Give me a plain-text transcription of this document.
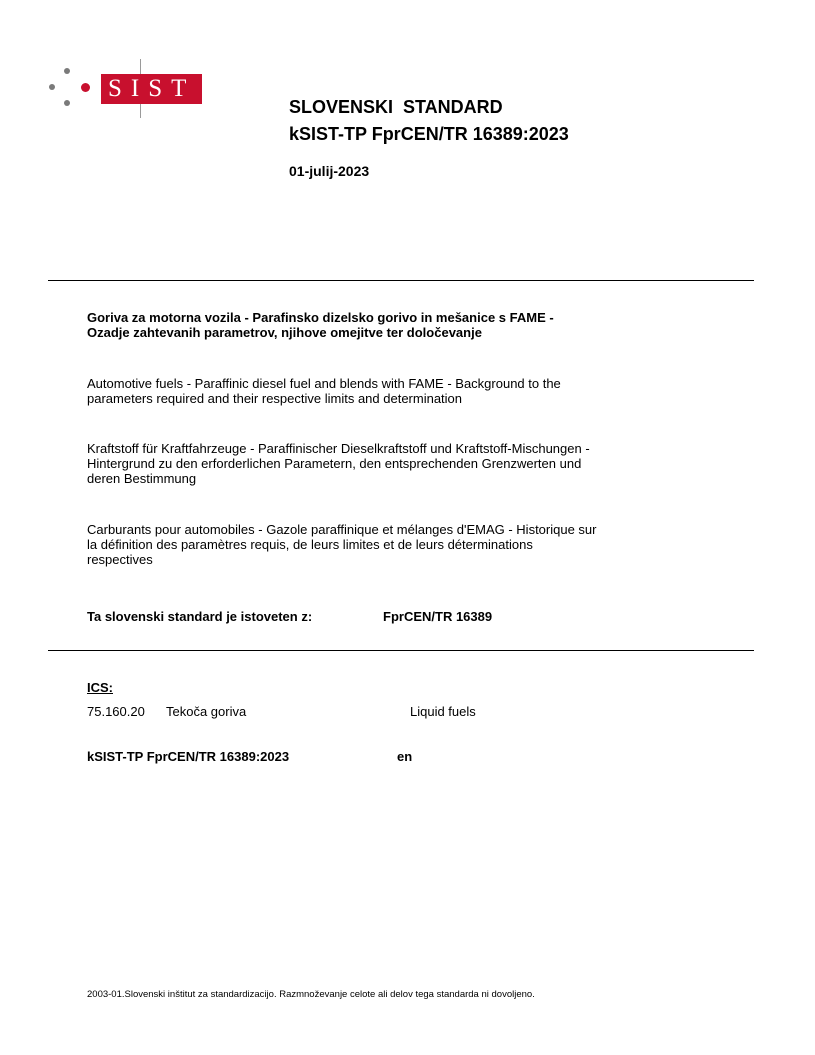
SIST
SLOVENSKI  STANDARD
kSIST-TP FprCEN/TR 16389:2023
01-julij-2023
Goriva za motorna vozila - Parafinsko dizelsko gorivo in mešanice s FAME -
Ozadje zahtevanih parametrov, njihove omejitve ter določevanje
Automotive fuels - Paraffinic diesel fuel and blends with FAME - Background to the
parameters required and their respective limits and determination
Kraftstoff für Kraftfahrzeuge - Paraffinischer Dieselkraftstoff und Kraftstoff-Mischungen -
Hintergrund zu den erforderlichen Parametern, den entsprechenden Grenzwerten und
deren Bestimmung
Carburants pour automobiles - Gazole paraffinique et mélanges d'EMAG - Historique sur
la définition des paramètres requis, de leurs limites et de leurs déterminations
respectives
Ta slovenski standard je istoveten z:	FprCEN/TR 16389
ICS:
75.160.20 Tekoča goriva	Liquid fuels
kSIST-TP FprCEN/TR 16389:2023	en
2003-01.Slovenski inštitut za standardizacijo. Razmnoževanje celote ali delov tega standarda ni dovoljeno.
